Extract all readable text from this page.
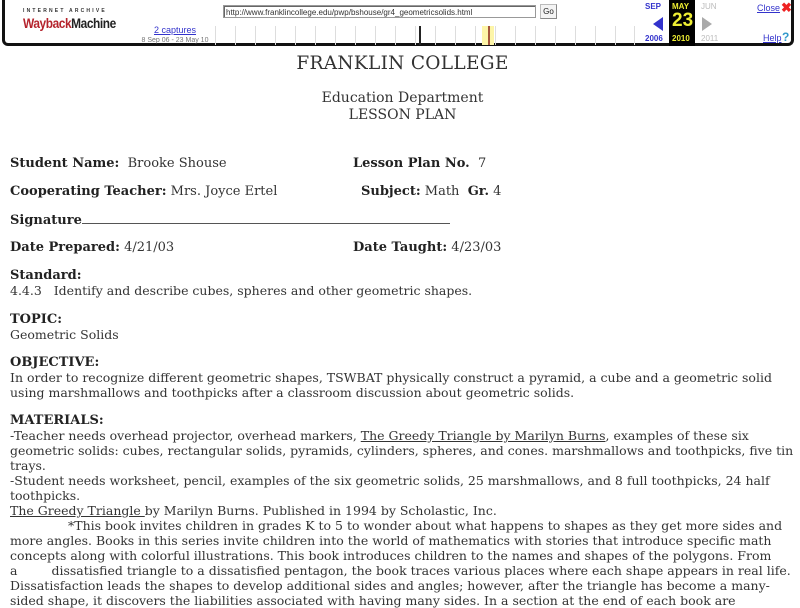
INTERNET ARCHIVE
WaybackMachine
http://www.franklincollege.edu/pwp/bshouse/gr4_geometricsolids.html	Go
2 captures
8 Sep 06 - 23 May 10
SEP MAY JUN
23
2006 2010 2011
Close ✖
Help ?
FRANKLIN COLLEGE
Education Department
LESSON PLAN
Student Name: Brooke Shouse	Lesson Plan No. 7
Cooperating Teacher: Mrs. Joyce Ertel	Subject: Math Gr. 4
Signature
Date Prepared: 4/21/03	Date Taught: 4/23/03
Standard:
4.4.3   Identify and describe cubes, spheres and other geometric shapes.
TOPIC:
Geometric Solids
OBJECTIVE:
In order to recognize different geometric shapes, TSWBAT physically construct a pyramid, a cube and a geometric solid using marshmallows and toothpicks after a classroom discussion about geometric solids.
MATERIALS:
-Teacher needs overhead projector, overhead markers, The Greedy Triangle by Marilyn Burns, examples of these six geometric solids: cubes, rectangular solids, pyramids, cylinders, spheres, and cones. marshmallows and toothpicks, five tin trays.
-Student needs worksheet, pencil, examples of the six geometric solids, 25 marshmallows, and 8 full toothpicks, 24 half toothpicks.
The Greedy Triangle by Marilyn Burns. Published in 1994 by Scholastic, Inc.
*This book invites children in grades K to 5 to wonder about what happens to shapes as they get more sides and more angles. Books in this series invite children into the world of mathematics with stories that introduce specific math concepts along with colorful illustrations. This book introduces children to the names and shapes of the polygons. From
a	dissatisfied triangle to a dissatisfied pentagon, the book traces various places where each shape appears in real life. Dissatisfaction leads the shapes to develop additional sides and angles; however, after the triangle has become a many-sided shape, it discovers the liabilities associated with having many sides. In a section at the end of each book are
